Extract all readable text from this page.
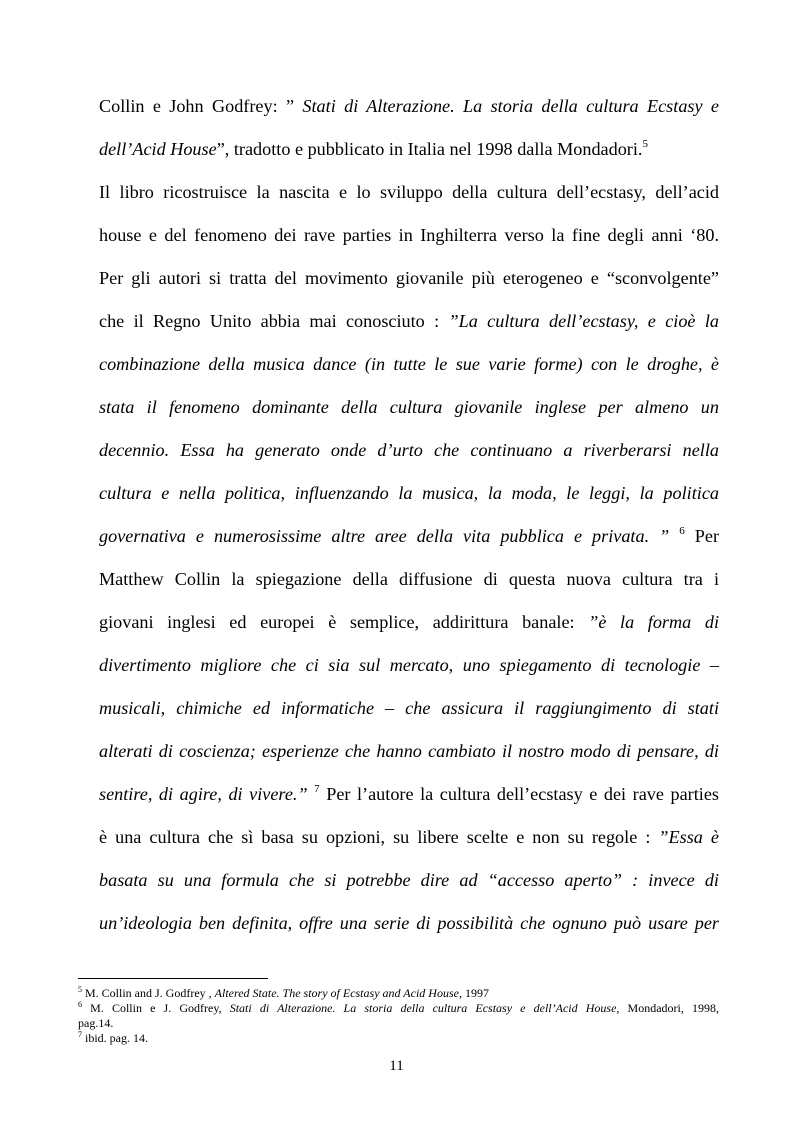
Collin e John Godfrey: ” Stati di Alterazione. La storia della cultura Ecstasy e
dell’Acid House”, tradotto e pubblicato in Italia nel 1998 dalla Mondadori.$^5$
Il libro ricostruisce la nascita e lo sviluppo della cultura dell’ecstasy, dell’acid
house e del fenomeno dei rave parties in Inghilterra verso la fine degli anni ‘80.
Per gli autori si tratta del movimento giovanile più eterogeneo e “sconvolgente”
che il Regno Unito abbia mai conosciuto : ”La cultura dell’ecstasy, e cioè la
combinazione della musica dance (in tutte le sue varie forme) con le droghe, è
stata il fenomeno dominante della cultura giovanile inglese per almeno un
decennio. Essa ha generato onde d’urto che continuano a riverberarsi nella
cultura e nella politica, influenzando la musica, la moda, le leggi, la politica
governativa e numerosissime altre aree della vita pubblica e privata. ” $^6$ Per
Matthew Collin la spiegazione della diffusione di questa nuova cultura tra i
giovani inglesi ed europei è semplice, addirittura banale: ”è la forma di
divertimento migliore che ci sia sul mercato, uno spiegamento di tecnologie –
musicali, chimiche ed informatiche – che assicura il raggiungimento di stati
alterati di coscienza; esperienze che hanno cambiato il nostro modo di pensare, di
sentire, di agire, di vivere.” $^7$ Per l’autore la cultura dell’ecstasy e dei rave parties
è una cultura che sì basa su opzioni, su libere scelte e non su regole : ”Essa è
basata su una formula che si potrebbe dire ad “accesso aperto” : invece di
un’ideologia ben definita, offre una serie di possibilità che ognuno può usare per
$^5$ M. Collin and J. Godfrey , Altered State. The story of Ecstasy and Acid House, 1997
$^6$ M. Collin e J. Godfrey, Stati di Alterazione. La storia della cultura Ecstasy e dell’Acid House, Mondadori, 1998,
pag.14.
$^7$ ibid. pag. 14.
11
